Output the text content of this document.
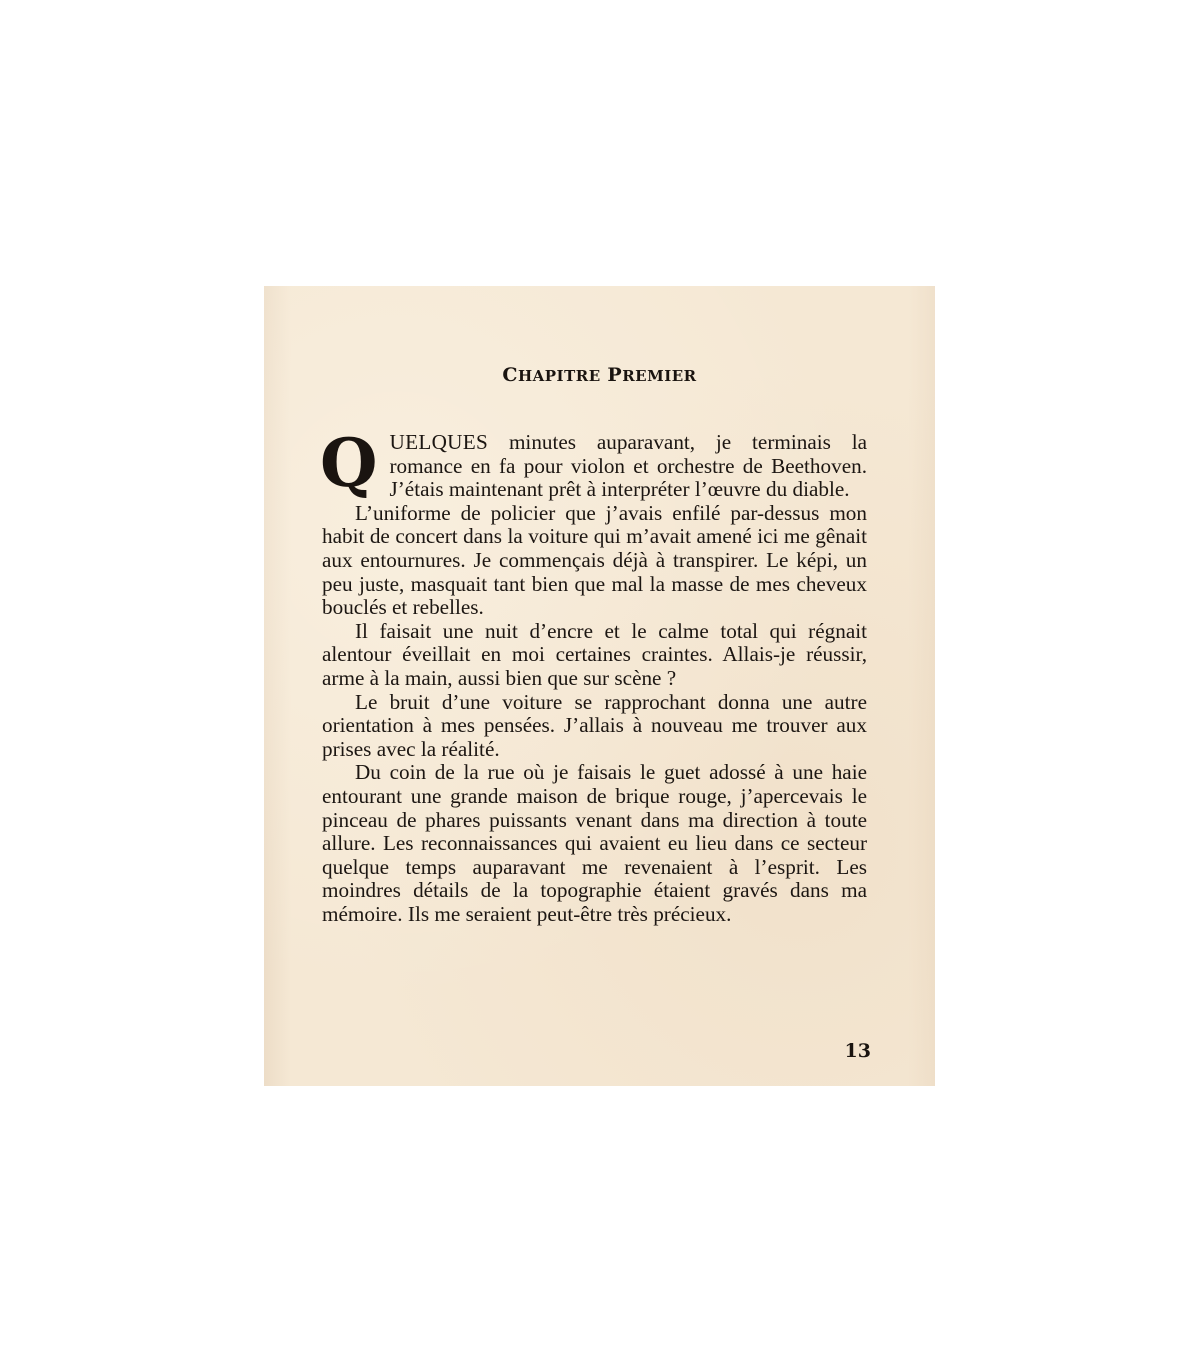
CHAPITRE PREMIER

QUELQUES minutes auparavant, je terminais la romance en fa pour violon et orchestre de Beethoven. J’étais maintenant prêt à interpréter l’œuvre du diable.

L’uniforme de policier que j’avais enfilé par-dessus mon habit de concert dans la voiture qui m’avait amené ici me gênait aux entournures. Je commençais déjà à transpirer. Le képi, un peu juste, masquait tant bien que mal la masse de mes cheveux bouclés et rebelles.

Il faisait une nuit d’encre et le calme total qui régnait alentour éveillait en moi certaines craintes. Allais-je réussir, arme à la main, aussi bien que sur scène ?

Le bruit d’une voiture se rapprochant donna une autre orientation à mes pensées. J’allais à nouveau me trouver aux prises avec la réalité.

Du coin de la rue où je faisais le guet adossé à une haie entourant une grande maison de brique rouge, j’apercevais le pinceau de phares puissants venant dans ma direction à toute allure. Les reconnaissances qui avaient eu lieu dans ce secteur quelque temps auparavant me revenaient à l’esprit. Les moindres détails de la topographie étaient gravés dans ma mémoire. Ils me seraient peut-être très précieux.

13
